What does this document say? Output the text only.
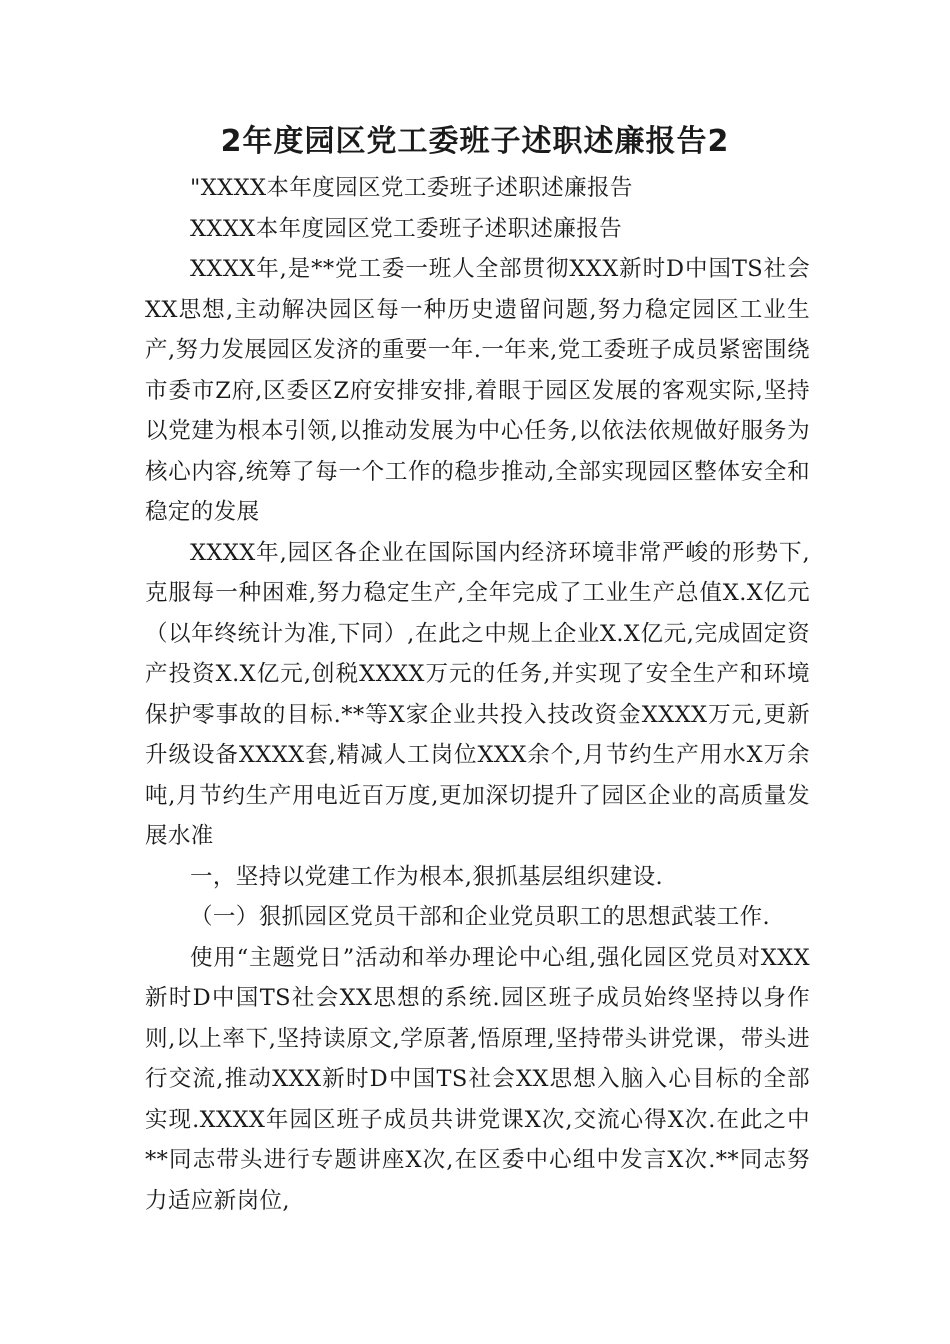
2年度园区党工委班子述职述廉报告2

"XXXX本年度园区党工委班子述职述廉报告

XXXX本年度园区党工委班子述职述廉报告

XXXX年,是**党工委一班人全部贯彻XXX新时D中国TS社会XX思想,主动解决园区每一种历史遗留问题,努力稳定园区工业生产,努力发展园区发济的重要一年.一年来,党工委班子成员紧密围绕市委市Z府,区委区Z府安排安排,着眼于园区发展的客观实际,坚持以党建为根本引领,以推动发展为中心任务,以依法依规做好服务为核心内容,统筹了每一个工作的稳步推动,全部实现园区整体安全和稳定的发展

XXXX年,园区各企业在国际国内经济环境非常严峻的形势下,克服每一种困难,努力稳定生产,全年完成了工业生产总值X.X亿元（以年终统计为准,下同）,在此之中规上企业X.X亿元,完成固定资产投资X.X亿元,创税XXXX万元的任务,并实现了安全生产和环境保护零事故的目标.**等X家企业共投入技改资金XXXX万元,更新升级设备XXXX套,精减人工岗位XXX余个,月节约生产用水X万余吨,月节约生产用电近百万度,更加深切提升了园区企业的高质量发展水准

一，坚持以党建工作为根本,狠抓基层组织建设.

（一）狠抓园区党员干部和企业党员职工的思想武装工作.

使用“主题党日”活动和举办理论中心组,强化园区党员对XXX新时D中国TS社会XX思想的系统.园区班子成员始终坚持以身作则,以上率下,坚持读原文,学原著,悟原理,坚持带头讲党课，带头进行交流,推动XXX新时D中国TS社会XX思想入脑入心目标的全部实现.XXXX年园区班子成员共讲党课X次,交流心得X次.在此之中**同志带头进行专题讲座X次,在区委中心组中发言X次.**同志努力适应新岗位,
